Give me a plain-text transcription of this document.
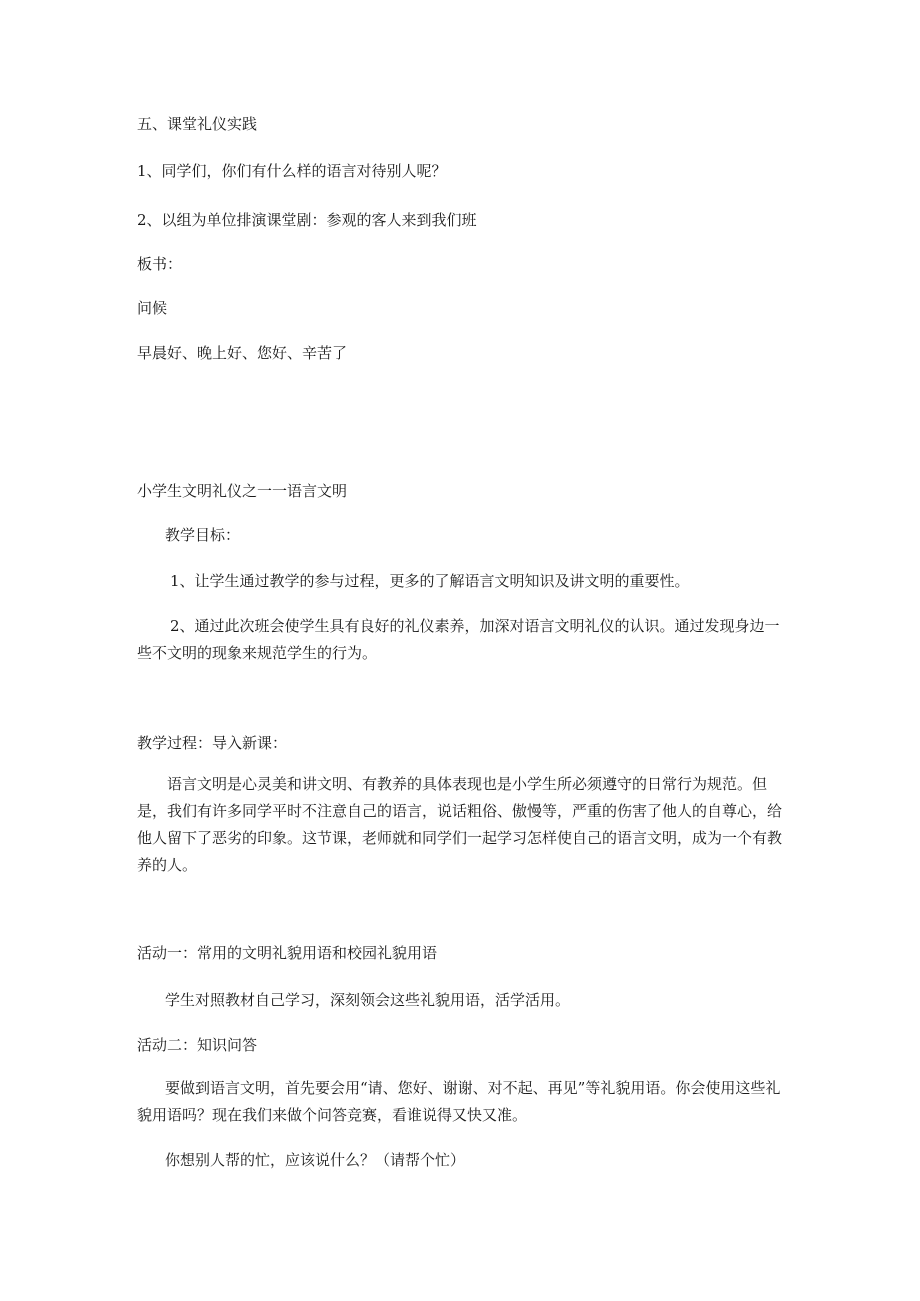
五、课堂礼仪实践
1、同学们，你们有什么样的语言对待别人呢？
2、以组为单位排演课堂剧：参观的客人来到我们班
板书：
问候
早晨好、晚上好、您好、辛苦了
小学生文明礼仪之一一语言文明
教学目标：
1、让学生通过教学的参与过程，更多的了解语言文明知识及讲文明的重要性。
2、通过此次班会使学生具有良好的礼仪素养，加深对语言文明礼仪的认识。通过发现身边一些不文明的现象来规范学生的行为。
教学过程：导入新课：
语言文明是心灵美和讲文明、有教养的具体表现也是小学生所必须遵守的日常行为规范。但是，我们有许多同学平时不注意自己的语言，说话粗俗、傲慢等，严重的伤害了他人的自尊心，给他人留下了恶劣的印象。这节课，老师就和同学们一起学习怎样使自己的语言文明，成为一个有教养的人。
活动一：常用的文明礼貌用语和校园礼貌用语
学生对照教材自己学习，深刻领会这些礼貌用语，活学活用。
活动二：知识问答
要做到语言文明，首先要会用“请、您好、谢谢、对不起、再见”等礼貌用语。你会使用这些礼貌用语吗？现在我们来做个问答竞赛，看谁说得又快又准。
你想别人帮的忙，应该说什么？（请帮个忙）
